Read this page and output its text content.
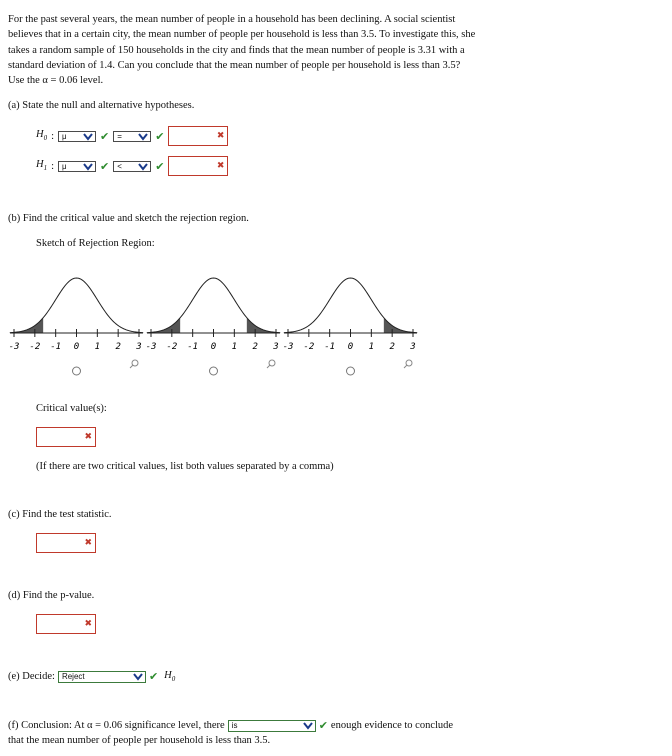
For the past several years, the mean number of people in a household has been declining. A social scientist believes that in a certain city, the mean number of people per household is less than 3.5. To investigate this, she takes a random sample of 150 households in the city and finds that the mean number of people is 3.31 with a standard deviation of 1.4. Can you conclude that the mean number of people per household is less than 3.5? Use the α = 0.06 level.
(a) State the null and alternative hypotheses.
$H_0$ : μ	✔ =	✔	✖
$H_1$ : μ	✔ <	✔	✖
(b) Find the critical value and sketch the rejection region.
Sketch of Rejection Region:
-3 -2 -1 0 1 2 3 -3 -2 -1 0 1 2 3 -3 -2 -1 0 1 2 3
Critical value(s):
✖
(If there are two critical values, list both values separated by a comma)
(c) Find the test statistic.
✖
(d) Find the p-value.
✖
(e) Decide: Reject	✔ $H_0$
(f) Conclusion: At α = 0.06 significance level, there is	✔ enough evidence to conclude
that the mean number of people per household is less than 3.5.
